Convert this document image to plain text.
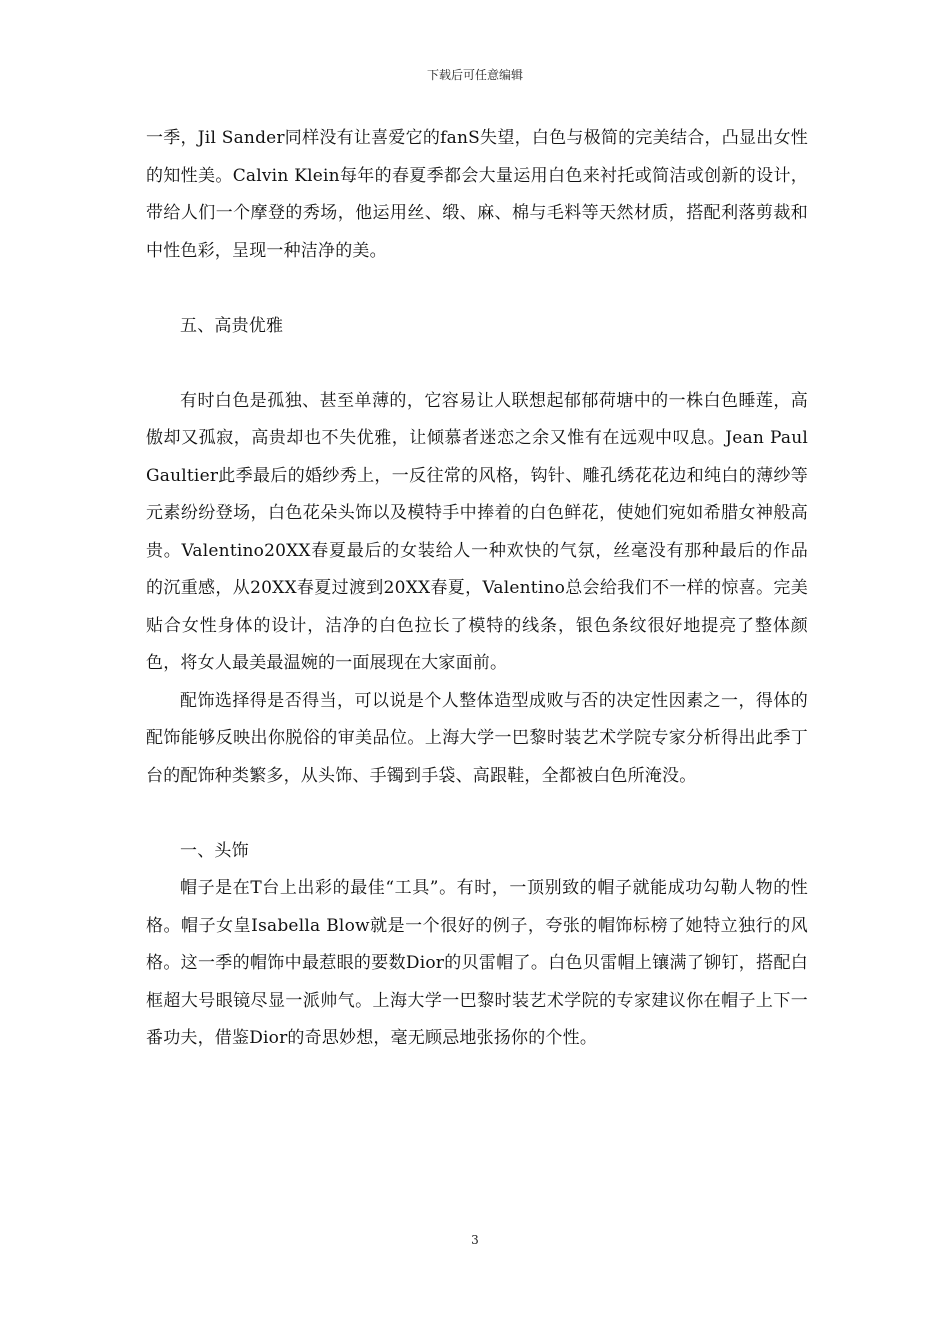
下载后可任意编辑

一季，Jil Sander同样没有让喜爱它的fanS失望，白色与极简的完美结合，凸显出女性的知性美。Calvin Klein每年的春夏季都会大量运用白色来衬托或简洁或创新的设计，带给人们一个摩登的秀场，他运用丝、缎、麻、棉与毛料等天然材质，搭配利落剪裁和中性色彩，呈现一种洁净的美。

五、高贵优雅

有时白色是孤独、甚至单薄的，它容易让人联想起郁郁荷塘中的一株白色睡莲，高傲却又孤寂，高贵却也不失优雅，让倾慕者迷恋之余又惟有在远观中叹息。Jean Paul Gaultier此季最后的婚纱秀上，一反往常的风格，钩针、雕孔绣花花边和纯白的薄纱等元素纷纷登场，白色花朵头饰以及模特手中捧着的白色鲜花，使她们宛如希腊女神般高贵。Valentino20XX春夏最后的女装给人一种欢快的气氛，丝毫没有那种最后的作品的沉重感，从20XX春夏过渡到20XX春夏，Valentino总会给我们不一样的惊喜。完美贴合女性身体的设计，洁净的白色拉长了模特的线条，银色条纹很好地提亮了整体颜色，将女人最美最温婉的一面展现在大家面前。

配饰选择得是否得当，可以说是个人整体造型成败与否的决定性因素之一，得体的配饰能够反映出你脱俗的审美品位。上海大学一巴黎时装艺术学院专家分析得出此季丁台的配饰种类繁多，从头饰、手镯到手袋、高跟鞋，全都被白色所淹没。

一、头饰

帽子是在T台上出彩的最佳“工具”。有时，一顶别致的帽子就能成功勾勒人物的性格。帽子女皇Isabella Blow就是一个很好的例子，夸张的帽饰标榜了她特立独行的风格。这一季的帽饰中最惹眼的要数Dior的贝雷帽了。白色贝雷帽上镶满了铆钉，搭配白框超大号眼镜尽显一派帅气。上海大学一巴黎时装艺术学院的专家建议你在帽子上下一番功夫，借鉴Dior的奇思妙想，毫无顾忌地张扬你的个性。

3
